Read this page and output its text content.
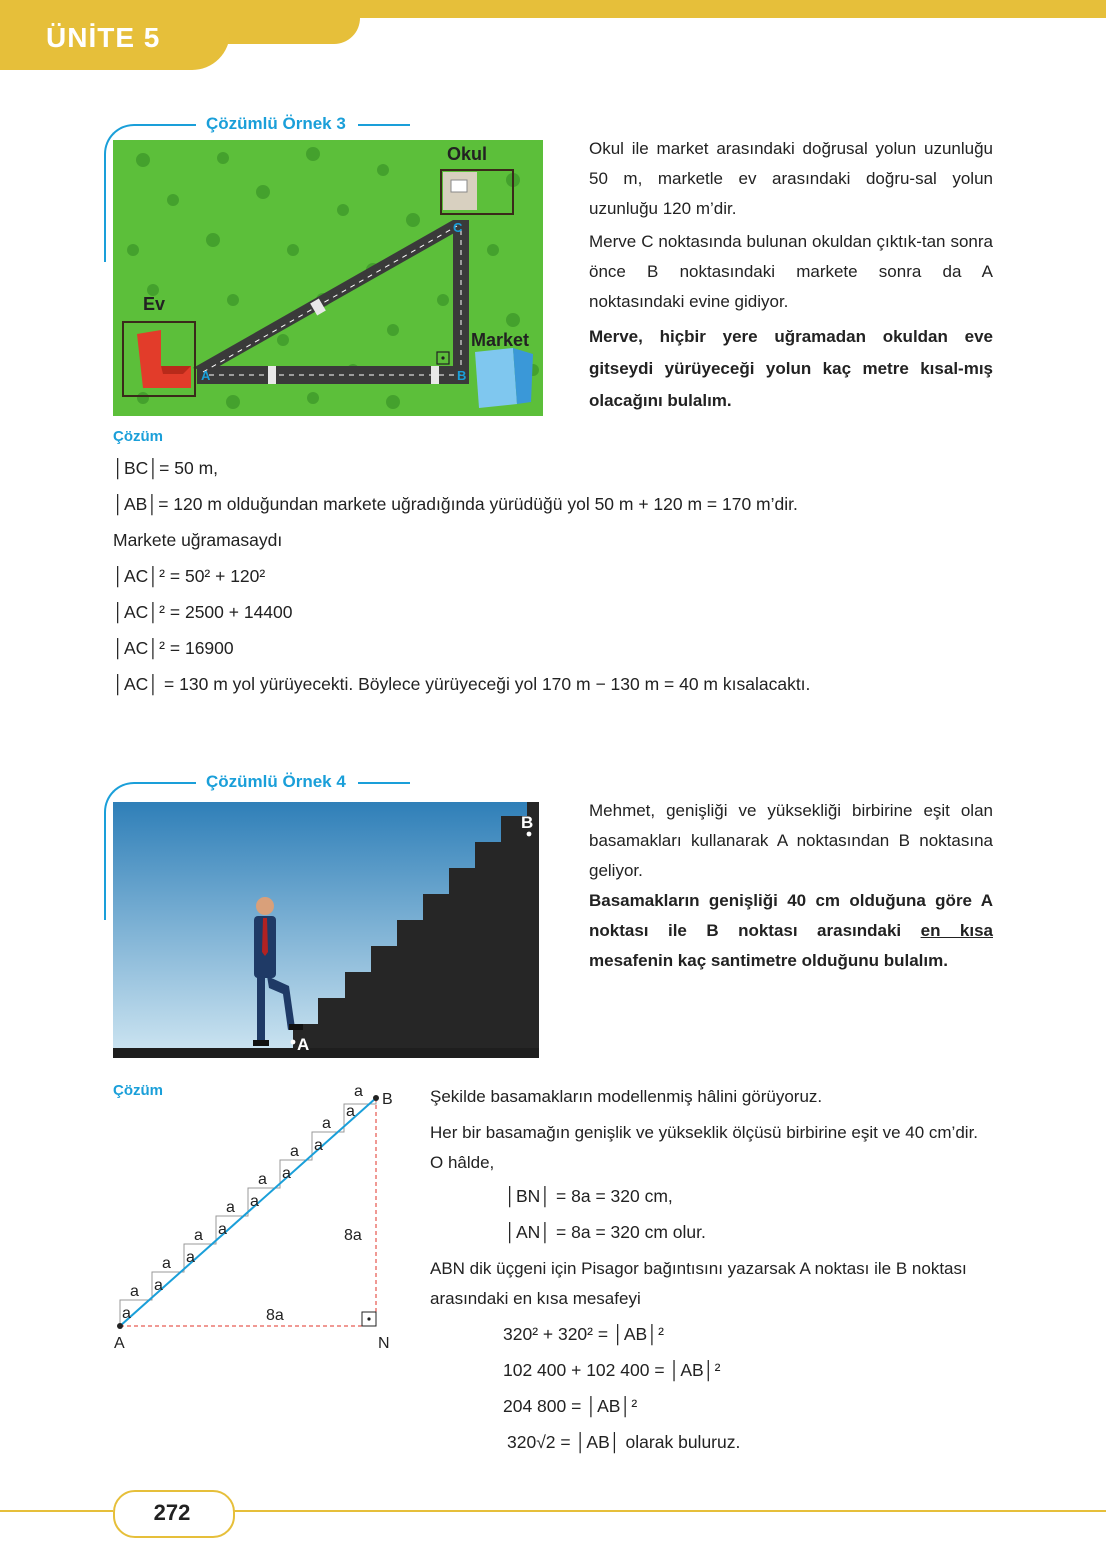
ÜNİTE 5
Çözümlü Örnek 3
Okul
Ev
Market
A	B
C
Okul ile market arasındaki doğrusal yolun uzunluğu 50 m, marketle ev arasındaki doğru-sal yolun uzunluğu 120 m’dir.
Merve C noktasında bulunan okuldan çıktık-tan sonra önce B noktasındaki markete sonra da A noktasındaki evine gidiyor.
Merve, hiçbir yere uğramadan okuldan eve gitseydi yürüyeceği yolun kaç metre kısal-mış olacağını bulalım.
Çözüm
│BC│= 50 m,
│AB│= 120 m olduğundan markete uğradığında yürüdüğü yol 50 m + 120 m = 170 m’dir.
Markete uğramasaydı
│AC│² = 50² + 120²
│AC│² = 2500 + 14400
│AC│² = 16900
│AC│ = 130 m yol yürüyecekti. Böylece yürüyeceği yol 170 m − 130 m = 40 m kısalacaktı.
Çözümlü Örnek 4
A
B
Mehmet, genişliği ve yüksekliği birbirine eşit olan basamakları kullanarak A noktasından B noktasına geliyor.
Basamakların genişliği 40 cm olduğuna göre A noktası ile B noktası arasındaki en kısa mesafenin kaç santimetre olduğunu bulalım.
Çözüm
a
a a
a a
a a
a a
a a
a a
a
a
a
8a
8a
A
B
N
Şekilde basamakların modellenmiş hâlini görüyoruz.
Her bir basamağın genişlik ve yükseklik ölçüsü birbirine eşit ve 40 cm’dir. O hâlde,
│BN│ = 8a = 320 cm,
│AN│ = 8a = 320 cm olur.
ABN dik üçgeni için Pisagor bağıntısını yazarsak A noktası ile B noktası arasındaki en kısa mesafeyi
320² + 320² = │AB│²
102 400 + 102 400 = │AB│²
204 800 = │AB│²
320√2 = │AB│ olarak buluruz.
272
